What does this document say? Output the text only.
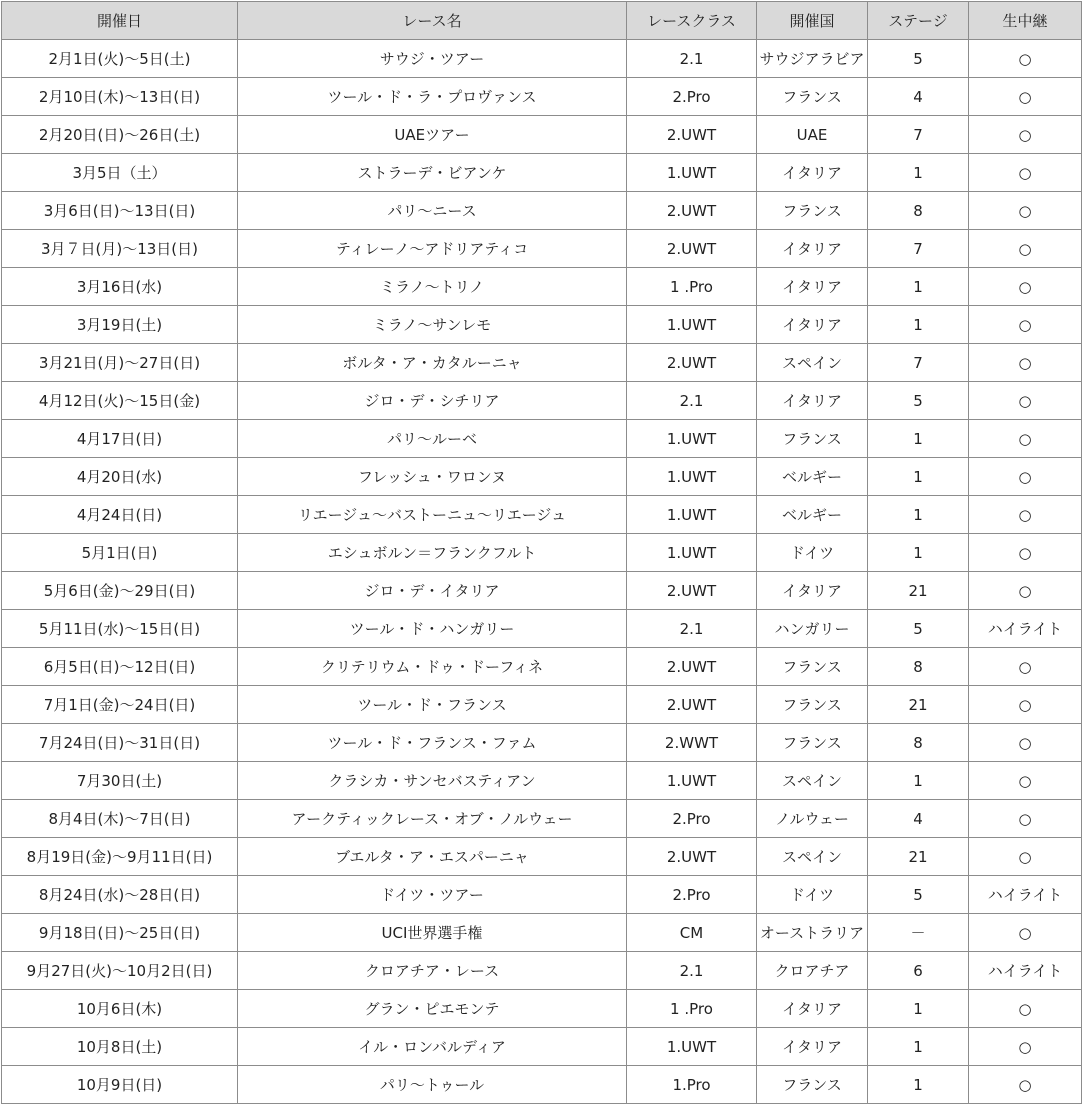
開催日	レース名	レースクラス	開催国	ステージ	生中継
2月1日(火)～5日(土)	サウジ・ツアー	2.1	サウジアラビア	5	○
2月10日(木)～13日(日)	ツール・ド・ラ・プロヴァンス	2.Pro	フランス	4	○
2月20日(日)～26日(土)	UAEツアー	2.UWT	UAE	7	○
3月5日（土）	ストラーデ・ビアンケ	1.UWT	イタリア	1	○
3月6日(日)～13日(日)	パリ～ニース	2.UWT	フランス	8	○
3月７日(月)～13日(日)	ティレーノ～アドリアティコ	2.UWT	イタリア	7	○
3月16日(水)	ミラノ～トリノ	1 .Pro	イタリア	1	○
3月19日(土)	ミラノ～サンレモ	1.UWT	イタリア	1	○
3月21日(月)～27日(日)	ボルタ・ア・カタルーニャ	2.UWT	スペイン	7	○
4月12日(火)～15日(金)	ジロ・デ・シチリア	2.1	イタリア	5	○
4月17日(日)	パリ～ルーベ	1.UWT	フランス	1	○
4月20日(水)	フレッシュ・ワロンヌ	1.UWT	ベルギー	1	○
4月24日(日)	リエージュ～バストーニュ～リエージュ	1.UWT	ベルギー	1	○
5月1日(日)	エシュボルン＝フランクフルト	1.UWT	ドイツ	1	○
5月6日(金)～29日(日)	ジロ・デ・イタリア	2.UWT	イタリア	21	○
5月11日(水)～15日(日)	ツール・ド・ハンガリー	2.1	ハンガリー	5	ハイライト
6月5日(日)～12日(日)	クリテリウム・ドゥ・ドーフィネ	2.UWT	フランス	8	○
7月1日(金)～24日(日)	ツール・ド・フランス	2.UWT	フランス	21	○
7月24日(日)～31日(日)	ツール・ド・フランス・ファム	2.WWT	フランス	8	○
7月30日(土)	クラシカ・サンセバスティアン	1.UWT	スペイン	1	○
8月4日(木)～7日(日)	アークティックレース・オブ・ノルウェー	2.Pro	ノルウェー	4	○
8月19日(金)～9月11日(日)	ブエルタ・ア・エスパーニャ	2.UWT	スペイン	21	○
8月24日(水)～28日(日)	ドイツ・ツアー	2.Pro	ドイツ	5	ハイライト
9月18日(日)～25日(日)	UCI世界選手権	CM	オーストラリア	－	○
9月27日(火)～10月2日(日)	クロアチア・レース	2.1	クロアチア	6	ハイライト
10月6日(木)	グラン・ピエモンテ	1 .Pro	イタリア	1	○
10月8日(土)	イル・ロンバルディア	1.UWT	イタリア	1	○
10月9日(日)	パリ～トゥール	1.Pro	フランス	1	○
